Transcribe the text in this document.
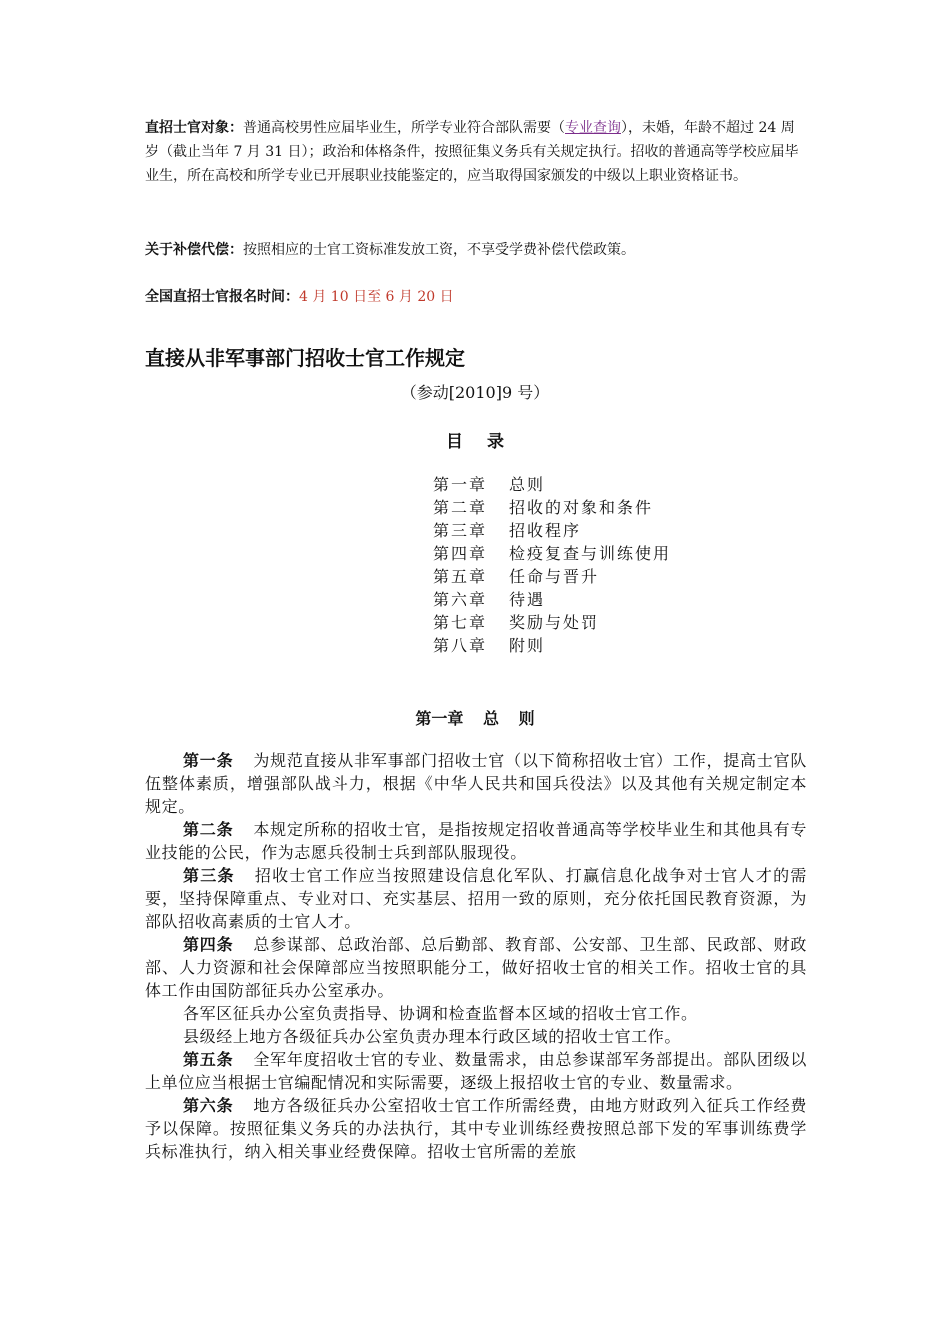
直招士官对象：普通高校男性应届毕业生，所学专业符合部队需要（专业查询），未婚，年龄不超过 24 周岁（截止当年 7 月 31 日）；政治和体格条件，按照征集义务兵有关规定执行。招收的普通高等学校应届毕业生，所在高校和所学专业已开展职业技能鉴定的，应当取得国家颁发的中级以上职业资格证书。

关于补偿代偿：按照相应的士官工资标准发放工资，不享受学费补偿代偿政策。

全国直招士官报名时间：4 月 10 日至 6 月 20 日

直接从非军事部门招收士官工作规定

（参动[2010]9 号）

目录

第一章 总则
第二章 招收的对象和条件
第三章 招收程序
第四章 检疫复查与训练使用
第五章 任命与晋升
第六章 待遇
第七章 奖励与处罚
第八章 附则

第一章 总 则

第一条 为规范直接从非军事部门招收士官（以下简称招收士官）工作，提高士官队伍整体素质，增强部队战斗力，根据《中华人民共和国兵役法》以及其他有关规定制定本规定。

第二条 本规定所称的招收士官，是指按规定招收普通高等学校毕业生和其他具有专业技能的公民，作为志愿兵役制士兵到部队服现役。

第三条 招收士官工作应当按照建设信息化军队、打赢信息化战争对士官人才的需要，坚持保障重点、专业对口、充实基层、招用一致的原则，充分依托国民教育资源，为部队招收高素质的士官人才。

第四条 总参谋部、总政治部、总后勤部、教育部、公安部、卫生部、民政部、财政部、人力资源和社会保障部应当按照职能分工，做好招收士官的相关工作。招收士官的具体工作由国防部征兵办公室承办。

各军区征兵办公室负责指导、协调和检查监督本区域的招收士官工作。

县级经上地方各级征兵办公室负责办理本行政区域的招收士官工作。

第五条 全军年度招收士官的专业、数量需求，由总参谋部军务部提出。部队团级以上单位应当根据士官编配情况和实际需要，逐级上报招收士官的专业、数量需求。

第六条 地方各级征兵办公室招收士官工作所需经费，由地方财政列入征兵工作经费予以保障。按照征集义务兵的办法执行，其中专业训练经费按照总部下发的军事训练费学兵标准执行，纳入相关事业经费保障。招收士官所需的差旅
